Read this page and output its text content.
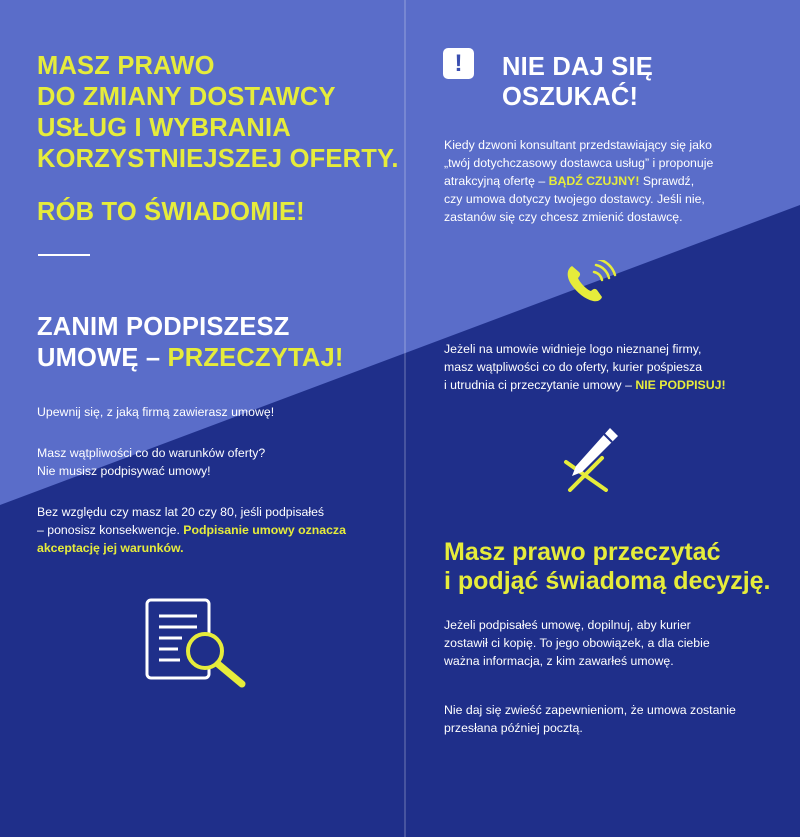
MASZ PRAWO
DO ZMIANY DOSTAWCY
USŁUG I WYBRANIA
KORZYSTNIEJSZEJ OFERTY.
RÓB TO ŚWIADOMIE!
ZANIM PODPISZESZ
UMOWĘ – PRZECZYTAJ!
Upewnij się, z jaką firmą zawierasz umowę!

Masz wątpliwości co do warunków oferty?

Nie musisz podpisywać umowy!

Bez względu czy masz lat 20 czy 80, jeśli podpisałeś

– ponosisz konsekwencje. Podpisanie umowy oznacza

akceptację jej warunków.

!	NIE DAJ SIĘ
OSZUKAĆ!

Kiedy dzwoni konsultant przedstawiający się jako

„twój dotychczasowy dostawca usług” i proponuje

atrakcyjną ofertę – BĄDŹ CZUJNY! Sprawdź,

czy umowa dotyczy twojego dostawcy. Jeśli nie,

zastanów się czy chcesz zmienić dostawcę.

Jeżeli na umowie widnieje logo nieznanej firmy,

masz wątpliwości co do oferty, kurier pośpiesza

i utrudnia ci przeczytanie umowy – NIE PODPISUJ!

Masz prawo przeczytać
i podjąć świadomą decyzję.

Jeżeli podpisałeś umowę, dopilnuj, aby kurier

zostawił ci kopię. To jego obowiązek, a dla ciebie

ważna informacja, z kim zawarłeś umowę.

Nie daj się zwieść zapewnieniom, że umowa zostanie

przesłana później pocztą.
